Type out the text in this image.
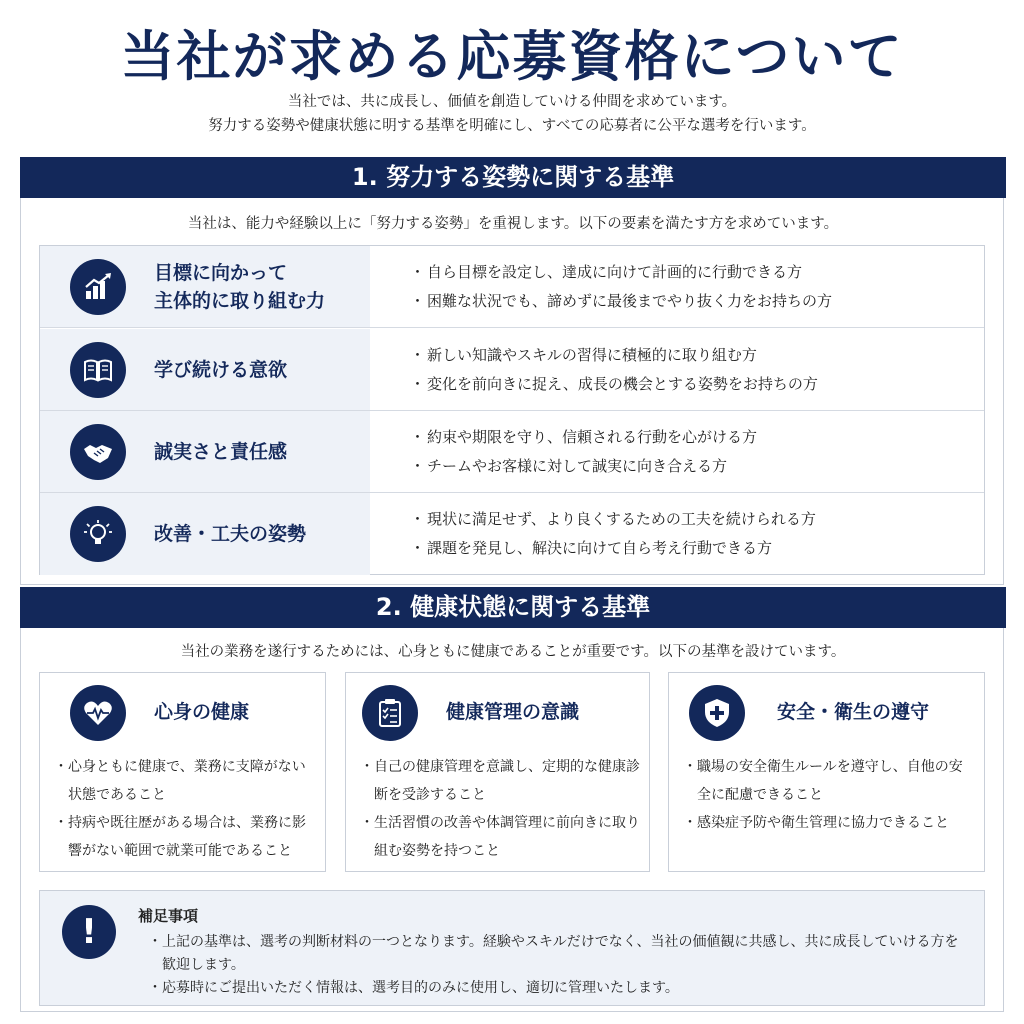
当社が求める応募資格について
当社では、共に成長し、価値を創造していける仲間を求めています。
努力する姿勢や健康状態に明する基準を明確にし、すべての応募者に公平な選考を行います。
1. 努力する姿勢に関する基準
当社は、能力や経験以上に「努力する姿勢」を重視します。以下の要素を満たす方を求めています。
目標に向かって
主体的に取り組む力
・ 自ら目標を設定し、達成に向けて計画的に行動できる方
・ 困難な状況でも、諦めずに最後までやり抜く力をお持ちの方
学び続ける意欲
・ 新しい知識やスキルの習得に積極的に取り組む方
・ 変化を前向きに捉え、成長の機会とする姿勢をお持ちの方
誠実さと責任感
・ 約束や期限を守り、信頼される行動を心がける方
・ チームやお客様に対して誠実に向き合える方
改善・工夫の姿勢
・ 現状に満足せず、より良くするための工夫を続けられる方
・ 課題を発見し、解決に向けて自ら考え行動できる方
2. 健康状態に関する基準
当社の業務を遂行するためには、心身ともに健康であることが重要です。以下の基準を設けています。
心身の健康
・ 心身ともに健康で、業務に支障がない状態であること
・ 持病や既往歴がある場合は、業務に影響がない範囲で就業可能であること
健康管理の意識
・ 自己の健康管理を意識し、定期的な健康診断を受診すること
・ 生活習慣の改善や体調管理に前向きに取り組む姿勢を持つこと
安全・衛生の遵守
・ 職場の安全衛生ルールを遵守し、自他の安全に配慮できること
・ 感染症予防や衛生管理に協力できること
!	補足事項
・ 上記の基準は、選考の判断材料の一つとなります。経験やスキルだけでなく、当社の価値観に共感し、共に成長していける方を歓迎します。
・ 応募時にご提出いただく情報は、選考目的のみに使用し、適切に管理いたします。
